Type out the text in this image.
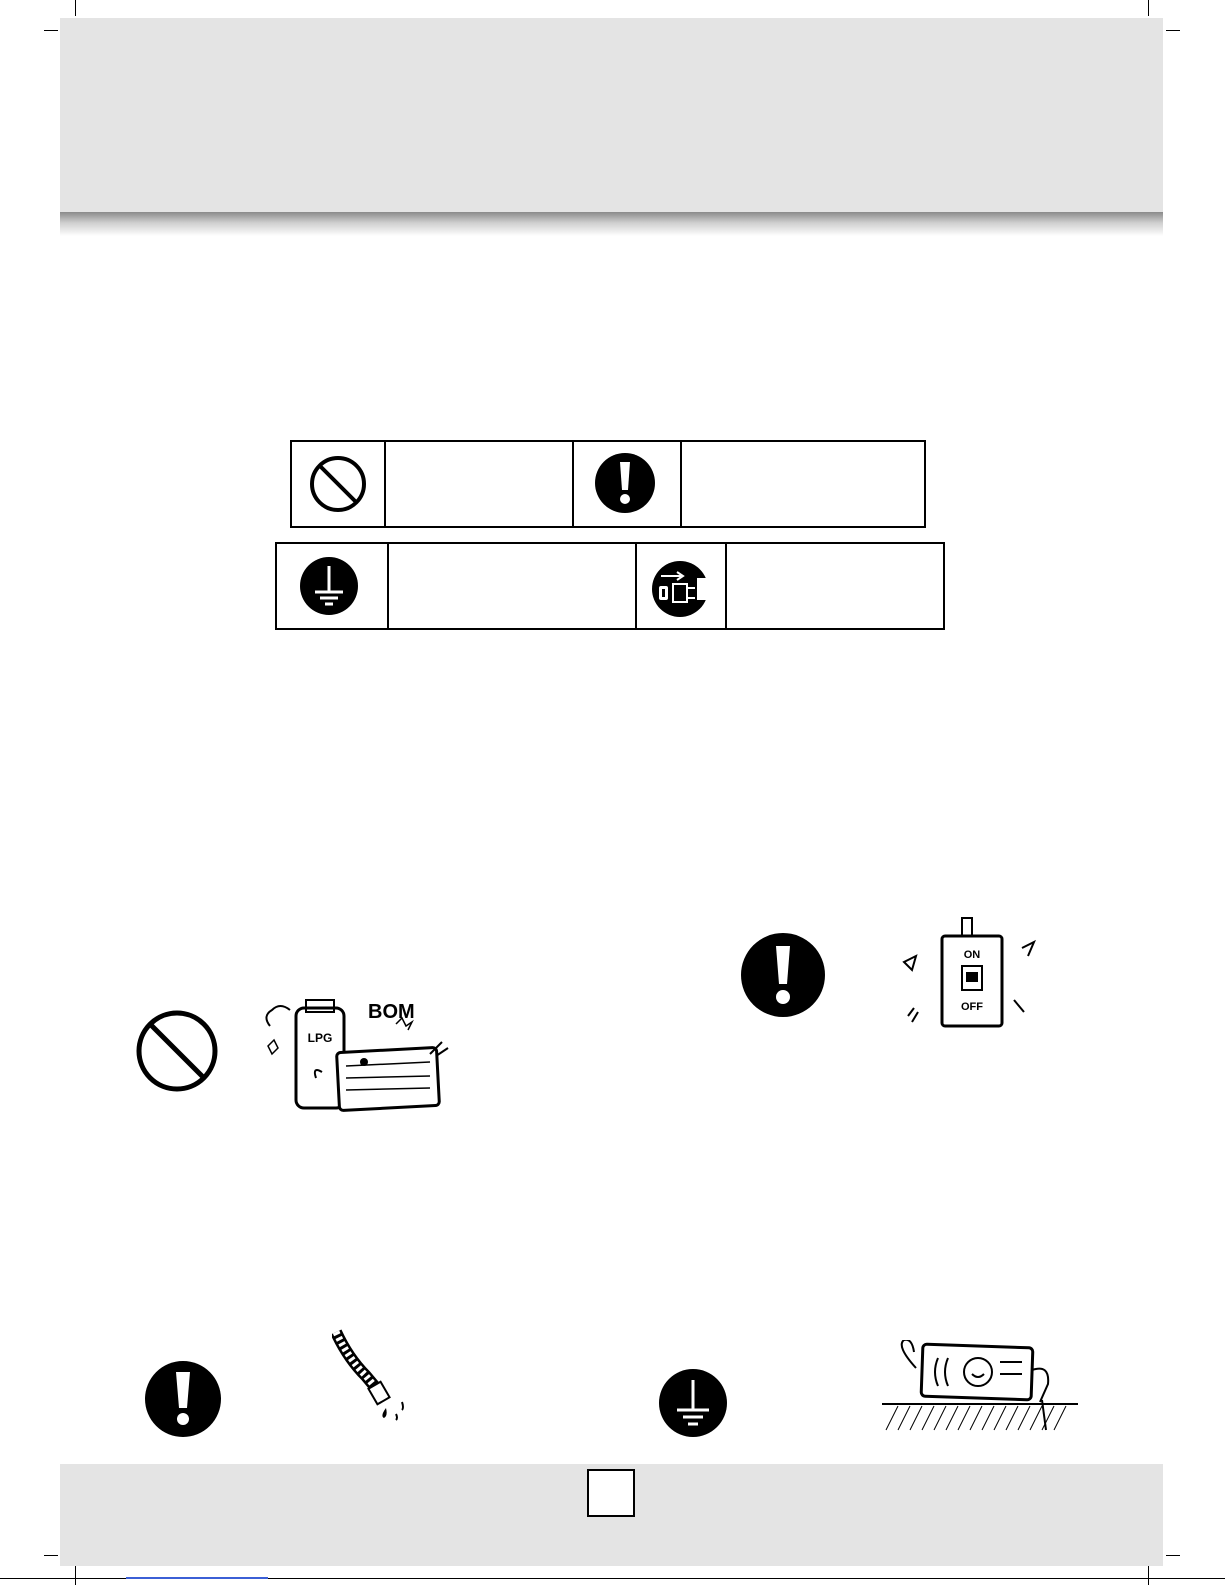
LPG
BOM
ON
OFF
